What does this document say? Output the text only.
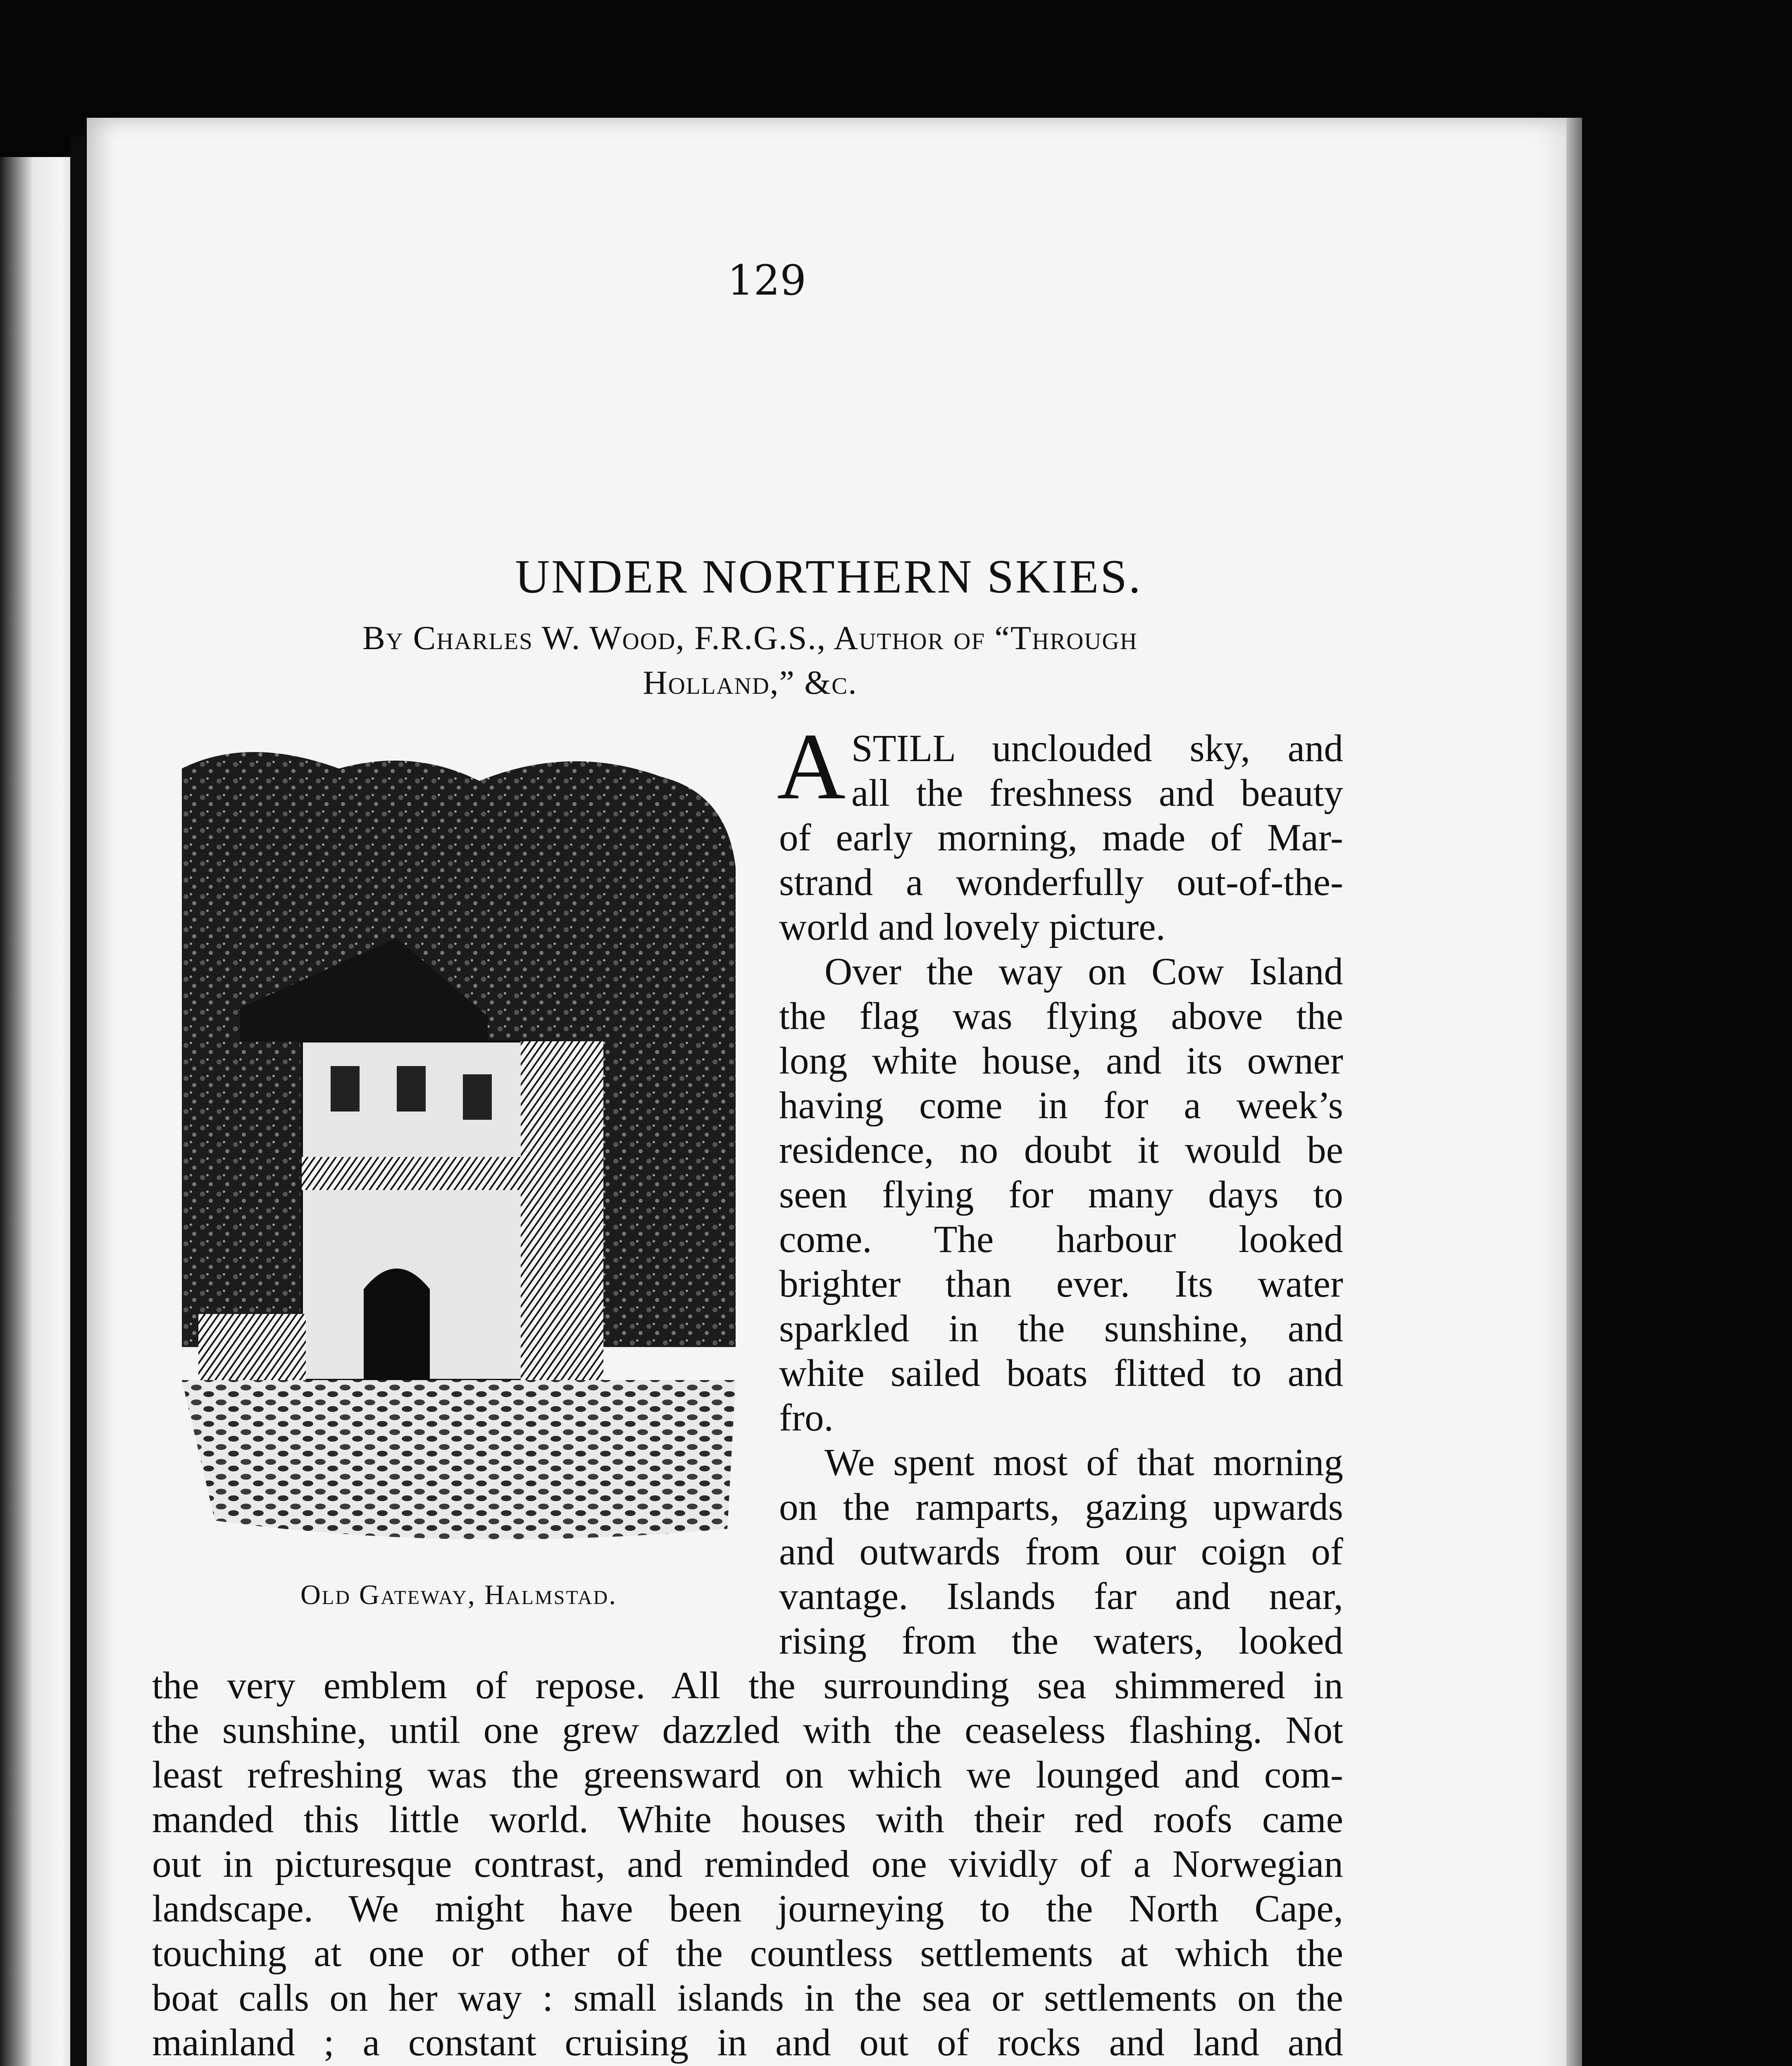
129
UNDER NORTHERN SKIES.
By Charles W. Wood, F.R.G.S., Author of “Through
Holland,” &c.
Old Gateway, Halmstad.
A STILL unclouded sky, and
all the freshness and beauty
of early morning, made of Mar-
strand a wonderfully out-of-the-
world and lovely picture.
Over the way on Cow Island
the flag was flying above the
long white house, and its owner
having come in for a week’s
residence, no doubt it would be
seen flying for many days to
come. The harbour looked
brighter than ever. Its water
sparkled in the sunshine, and
white sailed boats flitted to and
fro.
We spent most of that morning
on the ramparts, gazing upwards
and outwards from our coign of
vantage. Islands far and near,
rising from the waters, looked
the very emblem of repose. All the surrounding sea shimmered in
the sunshine, until one grew dazzled with the ceaseless flashing. Not
least refreshing was the greensward on which we lounged and com-
manded this little world. White houses with their red roofs came
out in picturesque contrast, and reminded one vividly of a Norwegian
landscape. We might have been journeying to the North Cape,
touching at one or other of the countless settlements at which the
boat calls on her way : small islands in the sea or settlements on the
mainland ; a constant cruising in and out of rocks and land and
